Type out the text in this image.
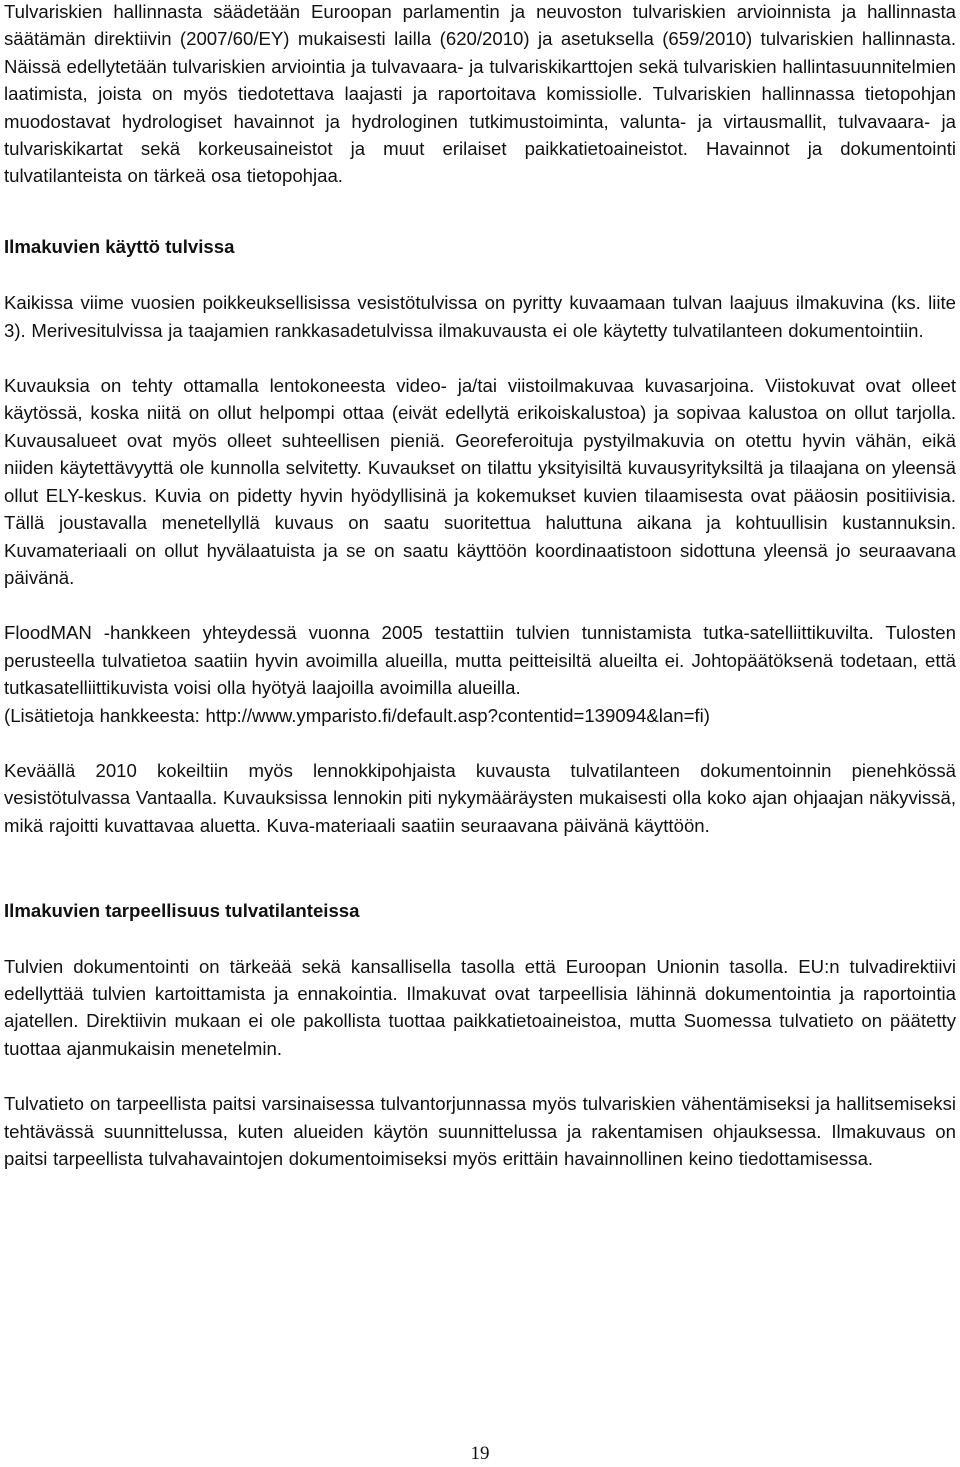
Tulvariskien hallinnasta säädetään Euroopan parlamentin ja neuvoston tulvariskien arvioinnista ja hallinnasta säätämän direktiivin (2007/60/EY) mukaisesti lailla (620/2010) ja asetuksella (659/2010) tulvariskien hallinnasta. Näissä edellytetään tulvariskien arviointia ja tulvavaara- ja tulvariskikarttojen sekä tulvariskien hallintasuunnitelmien laatimista, joista on myös tiedotettava laajasti ja raportoitava komissiolle. Tulvariskien hallinnassa tietopohjan muodostavat hydrologiset havainnot ja hydrologinen tutkimustoiminta, valunta- ja virtausmallit, tulvavaara- ja tulvariskikartat sekä korkeusaineistot ja muut erilaiset paikkatietoaineistot. Havainnot ja dokumentointi tulvatilanteista on tärkeä osa tietopohjaa.

Ilmakuvien käyttö tulvissa

Kaikissa viime vuosien poikkeuksellisissa vesistötulvissa on pyritty kuvaamaan tulvan laajuus ilmakuvina (ks. liite 3). Merivesitulvissa ja taajamien rankkasadetulvissa ilmakuvausta ei ole käytetty tulvatilanteen dokumentointiin.

Kuvauksia on tehty ottamalla lentokoneesta video- ja/tai viistoilmakuvaa kuvasarjoina. Viistokuvat ovat olleet käytössä, koska niitä on ollut helpompi ottaa (eivät edellytä erikoiskalustoa) ja sopivaa kalustoa on ollut tarjolla. Kuvausalueet ovat myös olleet suhteellisen pieniä. Georeferoituja pystyilmakuvia on otettu hyvin vähän, eikä niiden käytettävyyttä ole kunnolla selvitetty. Kuvaukset on tilattu yksityisiltä kuvausyrityksiltä ja tilaajana on yleensä ollut ELY-keskus. Kuvia on pidetty hyvin hyödyllisinä ja kokemukset kuvien tilaamisesta ovat pääosin positiivisia. Tällä joustavalla menetellyllä kuvaus on saatu suoritettua haluttuna aikana ja kohtuullisin kustannuksin. Kuvamateriaali on ollut hyvälaatuista ja se on saatu käyttöön koordinaatistoon sidottuna yleensä jo seuraavana päivänä.

FloodMAN -hankkeen yhteydessä vuonna 2005 testattiin tulvien tunnistamista tutka-satelliittikuvilta. Tulosten perusteella tulvatietoa saatiin hyvin avoimilla alueilla, mutta peitteisiltä alueilta ei. Johtopäätöksenä todetaan, että tutkasatelliittikuvista voisi olla hyötyä laajoilla avoimilla alueilla.

(Lisätietoja hankkeesta: http://www.ymparisto.fi/default.asp?contentid=139094&lan=fi)

Keväällä 2010 kokeiltiin myös lennokkipohjaista kuvausta tulvatilanteen dokumentoinnin pienehkössä vesistötulvassa Vantaalla. Kuvauksissa lennokin piti nykymääräysten mukaisesti olla koko ajan ohjaajan näkyvissä, mikä rajoitti kuvattavaa aluetta. Kuva-materiaali saatiin seuraavana päivänä käyttöön.

Ilmakuvien tarpeellisuus tulvatilanteissa

Tulvien dokumentointi on tärkeää sekä kansallisella tasolla että Euroopan Unionin tasolla. EU:n tulvadirektiivi edellyttää tulvien kartoittamista ja ennakointia. Ilmakuvat ovat tarpeellisia lähinnä dokumentointia ja raportointia ajatellen. Direktiivin mukaan ei ole pakollista tuottaa paikkatietoaineistoa, mutta Suomessa tulvatieto on päätetty tuottaa ajanmukaisin menetelmin.

Tulvatieto on tarpeellista paitsi varsinaisessa tulvantorjunnassa myös tulvariskien vähentämiseksi ja hallitsemiseksi tehtävässä suunnittelussa, kuten alueiden käytön suunnittelussa ja rakentamisen ohjauksessa. Ilmakuvaus on paitsi tarpeellista tulvahavaintojen dokumentoimiseksi myös erittäin havainnollinen keino tiedottamisessa.

19
